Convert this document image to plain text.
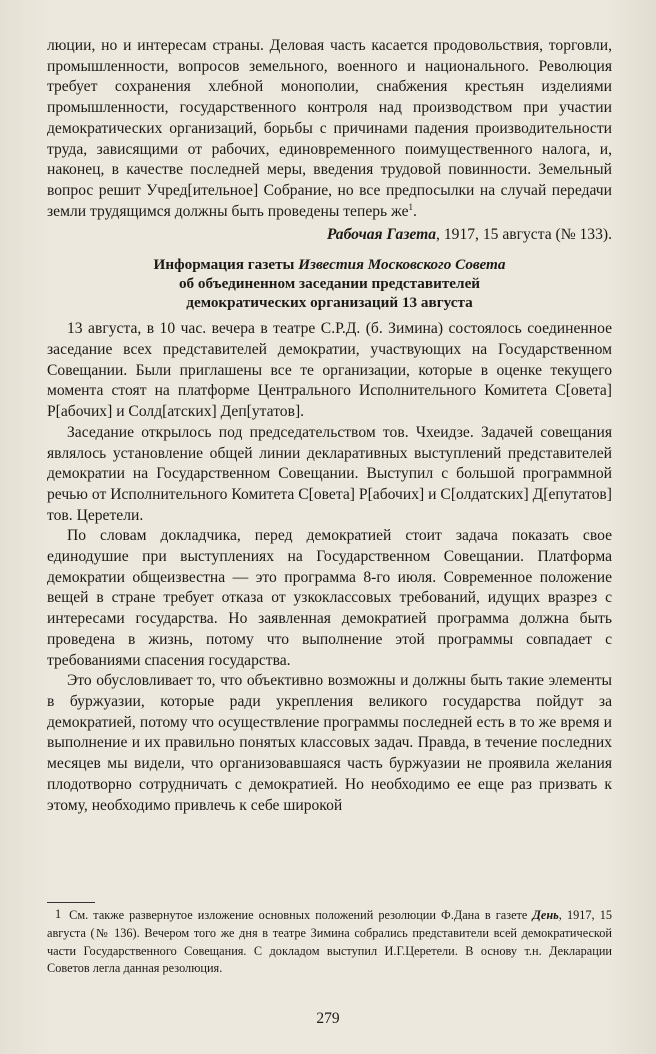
люции, но и интересам страны. Деловая часть касается продовольствия, торговли, промышленности, вопросов земельного, военного и национального. Революция требует сохранения хлебной монополии, снабжения крестьян изделиями промышленности, государственного контроля над производством при участии демократических организаций, борьбы с причинами падения производительности труда, зависящими от рабочих, единовременного поимущественного налога, и, наконец, в качестве последней меры, введения трудовой повинности. Земельный вопрос решит Учред[ительное] Собрание, но все предпосылки на случай передачи земли трудящимся должны быть проведены теперь $же^1$.

Рабочая Газета, 1917, 15 августа (№ 133).
Информация газеты Известия Московского Совета
об объединенном заседании представителей
демократических организаций 13 августа

13 августа, в 10 час. вечера в театре С.Р.Д. (б. Зимина) состоялось соединенное заседание всех представителей демократии, участвующих на Государственном Совещании. Были приглашены все те организации, которые в оценке текущего момента стоят на платформе Центрального Исполнительного Комитета С[овета] Р[абочих] и Солд[атских] Деп[утатов].

Заседание открылось под председательством тов. Чхеидзе. Задачей совещания являлось установление общей линии декларативных выступлений представителей демократии на Государственном Совещании. Выступил с большой программной речью от Исполнительного Комитета С[овета] Р[абочих] и С[олдатских] Д[епутатов] тов. Церетели.

По словам докладчика, перед демократией стоит задача показать свое единодушие при выступлениях на Государственном Совещании. Платформа демократии общеизвестна — это программа 8-го июля. Современное положение вещей в стране требует отказа от узкоклассовых требований, идущих вразрез с интересами государства. Но заявленная демократией программа должна быть проведена в жизнь, потому что выполнение этой программы совпадает с требованиями спасения государства.

Это обусловливает то, что объективно возможны и должны быть такие элементы в буржуазии, которые ради укрепления великого государства пойдут за демократией, потому что осуществление программы последней есть в то же время и выполнение и их правильно понятых классовых задач. Правда, в течение последних месяцев мы видели, что организовавшаяся часть буржуазии не проявила желания плодотворно сотрудничать с демократией. Но необходимо ее еще раз призвать к этому, необходимо привлечь к себе широкой

1 См. также развернутое изложение основных положений резолюции Ф.Дана в газете День, 1917, 15 августа (№ 136). Вечером того же дня в театре Зимина собрались представители всей демократической части Государственного Совещания. С докладом выступил И.Г.Церетели. В основу т.н. Декларации Советов легла данная резолюция.
279
